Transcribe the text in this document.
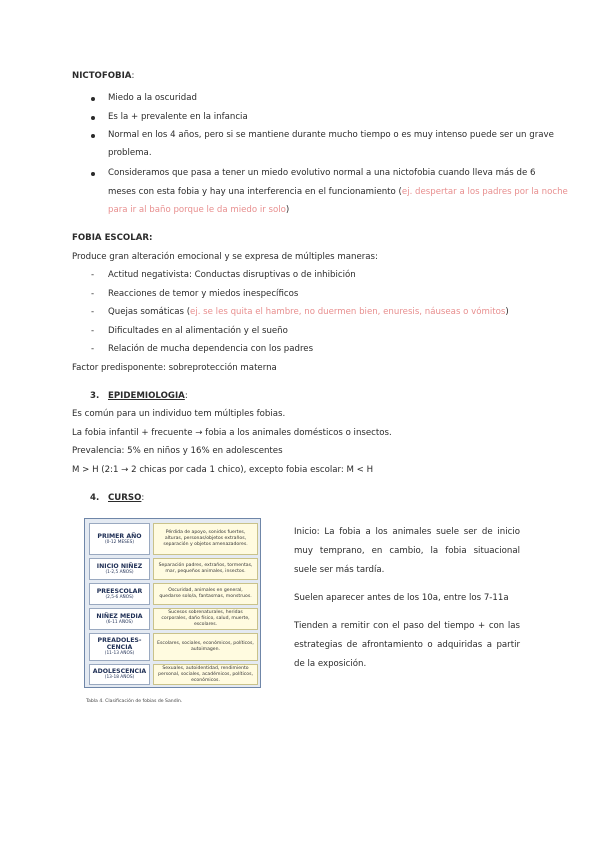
NICTOFOBIA:
Miedo a la oscuridad
Es la + prevalente en la infancia
Normal en los 4 años, pero si se mantiene durante mucho tiempo o es muy intenso puede ser un grave
problema.
Consideramos que pasa a tener un miedo evolutivo normal a una nictofobia cuando lleva más de 6
meses con esta fobia y hay una interferencia en el funcionamiento (ej. despertar a los padres por la noche
para ir al baño porque le da miedo ir solo)
FOBIA ESCOLAR:
Produce gran alteración emocional y se expresa de múltiples maneras:
- Actitud negativista: Conductas disruptivas o de inhibición
- Reacciones de temor y miedos inespecíficos
- Quejas somáticas (ej. se les quita el hambre, no duermen bien, enuresis, náuseas o vómitos)
- Dificultades en al alimentación y el sueño
- Relación de mucha dependencia con los padres
Factor predisponente: sobreprotección materna
3. EPIDEMIOLOGIA:
Es común para un individuo tem múltiples fobias.
La fobia infantil + frecuente → fobia a los animales domésticos o insectos.
Prevalencia: 5% en niños y 16% en adolescentes
M > H (2:1 → 2 chicas por cada 1 chico), excepto fobia escolar: M < H
4. CURSO:
PRIMER AÑO
(0-12 MESES)
Pérdida de apoyo, sonidos fuertes, alturas, personas/objetos extraños, separación y objetos amenazadores.
INICIO NIÑEZ
(1-2,5 AÑOS)
Separación padres, extraños, tormentas, mar, pequeños animales, insectos.
PREESCOLAR
(2,5-6 AÑOS)
Oscuridad, animales en general, quedarse solo/a, fantasmas, monstruos.
NIÑEZ MEDIA
(6-11 AÑOS)
Sucesos sobrenaturales, heridas corporales, daño físico, salud, muerte, escolares.
PREADOLES-CENCIA
(11-13 AÑOS)
Escolares, sociales, económicos, políticos, autoimagen.
ADOLESCENCIA
(13-18 AÑOS)
Sexuales, autoidentidad, rendimiento personal, sociales, académicos, políticos, económicos.
Tabla 4. Clasificación de fobias de Sandín.
Inicio: La fobia a los animales suele ser de inicio muy temprano, en cambio, la fobia situacional suele ser más tardía.
Suelen aparecer antes de los 10a, entre los 7-11a
Tienden a remitir con el paso del tiempo + con las estrategias de afrontamiento o adquiridas a partir de la exposición.
